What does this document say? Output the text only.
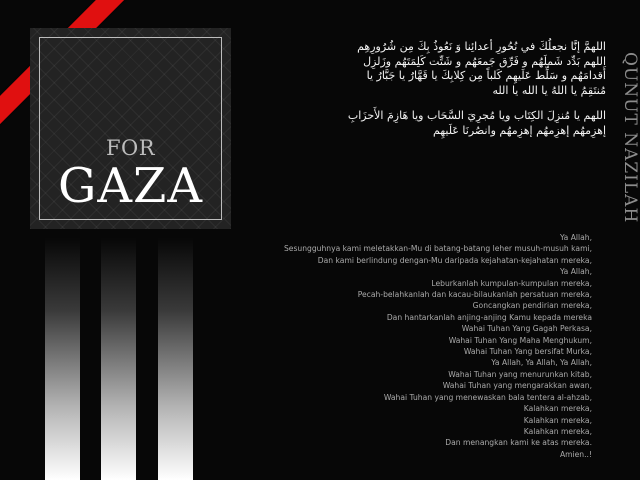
FOR
GAZA

اللهمَّ إنَّا نجعلُكَ في نُحُورِ أعدائِنا وَ نَعُوذُ بِكَ مِن شُرُورِهِم اللهم بَدِّد شَملَهُم و فَرِّق جَمعَهُم و شَتِّت كَلِمَتَهُم وزَلزِل أَقدامَهُم و سَلِّط عَلَيهِم كَلباً مِن كِلابِكَ يا قَهَّارُ يا جَبَّارُ يا مُنتَقِمُ يا اللهُ يا الله يا الله

اللهم يا مُنزِلَ الكِتَاب ويا مُجرِيَ السَّحَاب ويا هَازِمَ الأَحزَابِ إهزِمهُم إهزِمهُم إهزِمهُم وانصُرنَا عَلَيهِم QUNUT NAZILAH
Ya Allah,
Sesungguhnya kami meletakkan-Mu di batang-batang leher musuh-musuh kami,
Dan kami berlindung dengan-Mu daripada kejahatan-kejahatan mereka,
Ya Allah,
Leburkanlah kumpulan-kumpulan mereka,
Pecah-belahkanlah dan kacau-bilaukanlah persatuan mereka,
Goncangkan pendirian mereka,
Dan hantarkanlah anjing-anjing Kamu kepada mereka
Wahai Tuhan Yang Gagah Perkasa,
Wahai Tuhan Yang Maha Menghukum,
Wahai Tuhan Yang bersifat Murka,
Ya Allah, Ya Allah, Ya Allah,
Wahai Tuhan yang menurunkan kitab,
Wahai Tuhan yang mengarakkan awan,
Wahai Tuhan yang menewaskan bala tentera al-ahzab,
Kalahkan mereka,
Kalahkan mereka,
Kalahkan mereka,
Dan menangkan kami ke atas mereka.
Amien..!
